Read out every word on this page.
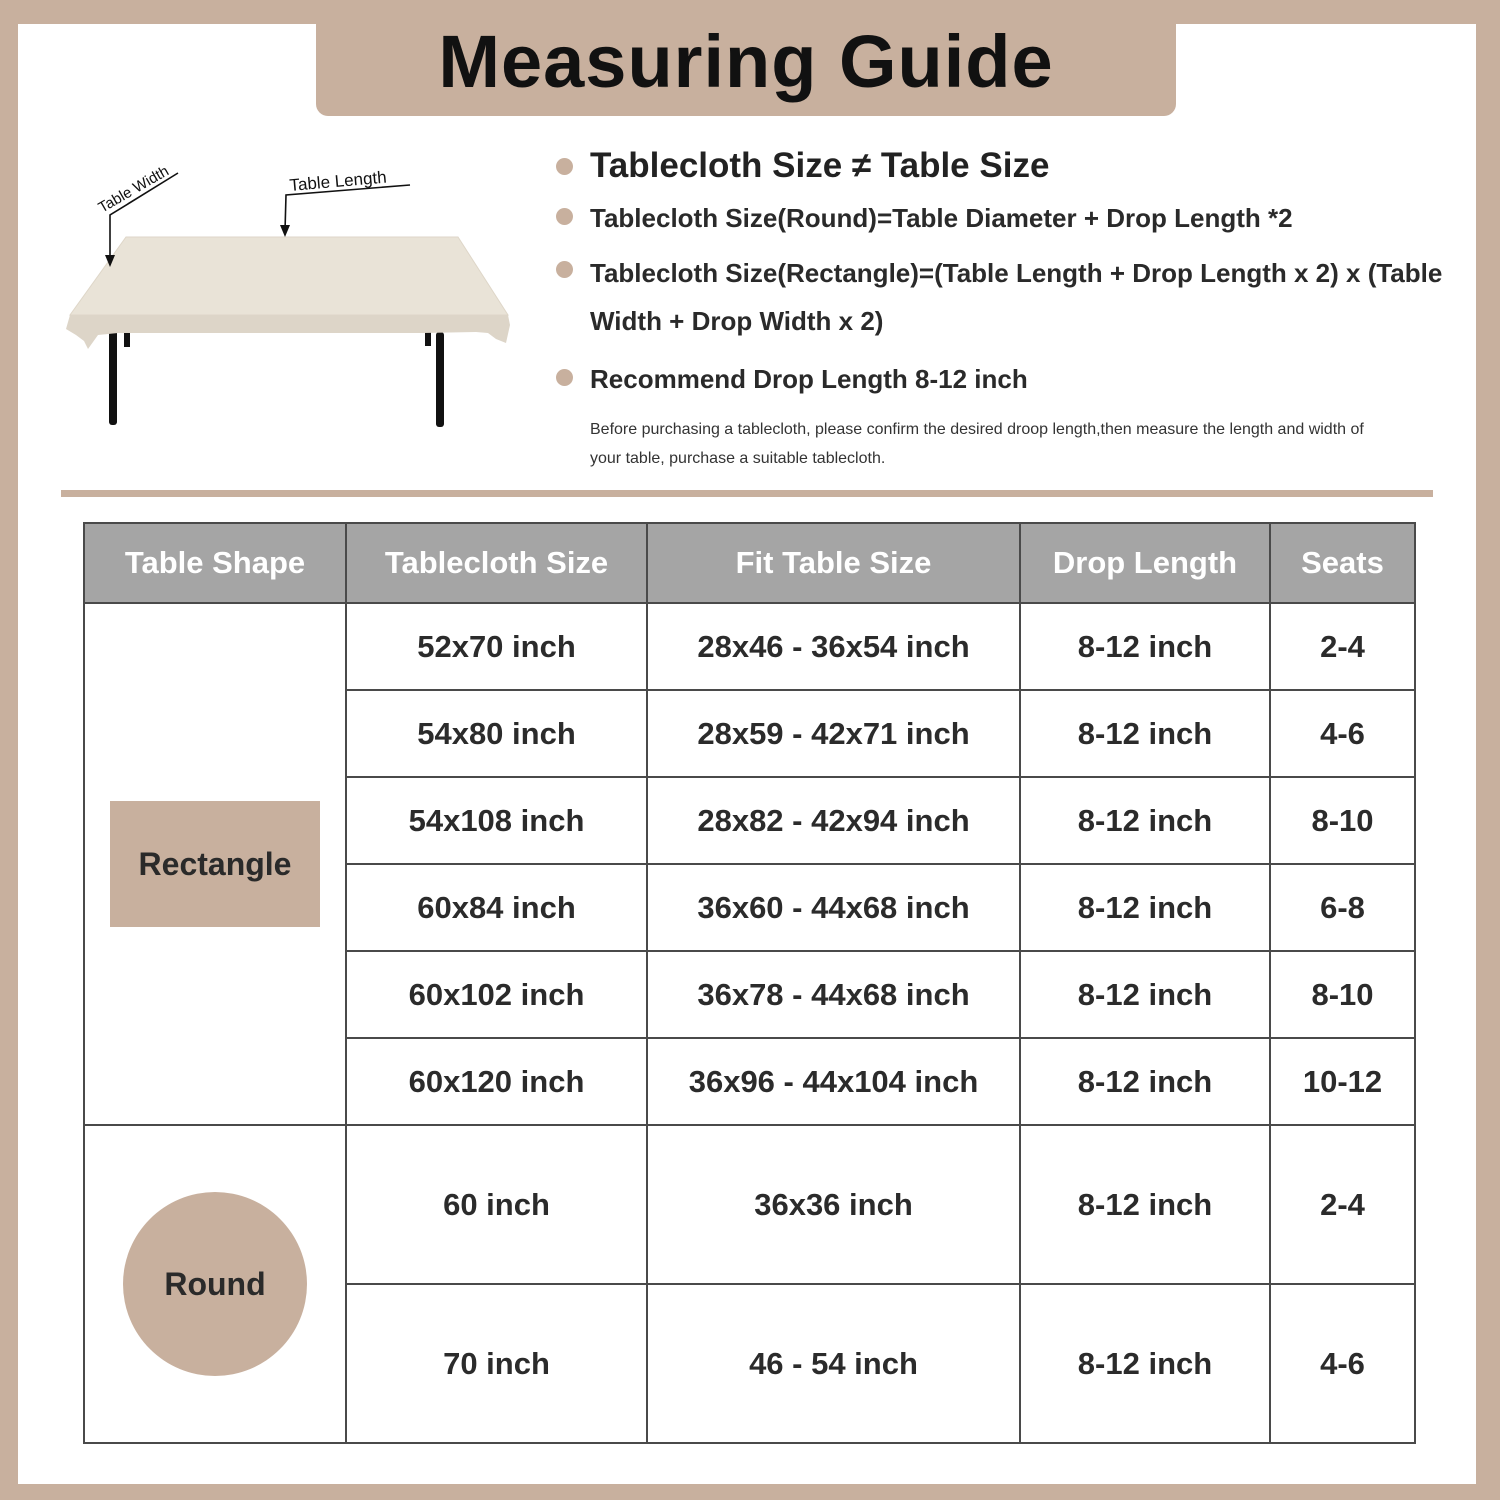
Measuring Guide
Table Width	Table Length	Tablecloth Size ≠ Table Size
Tablecloth Size(Round)=Table Diameter + Drop Length *2
Tablecloth Size(Rectangle)=(Table Length + Drop Length x 2) x (Table Width + Drop Width x 2)
Recommend Drop Length 8-12 inch
Before purchasing a tablecloth, please confirm the desired droop length,then measure the length and width of your table, purchase a suitable tablecloth.
Table Shape	Tablecloth Size	Fit Table Size	Drop Length	Seats
Rectangle	52x70 inch	28x46 - 36x54 inch	8-12 inch	2-4
	54x80 inch	28x59 - 42x71 inch	8-12 inch	4-6
	54x108 inch	28x82 - 42x94 inch	8-12 inch	8-10
	60x84 inch	36x60 - 44x68 inch	8-12 inch	6-8
	60x102 inch	36x78 - 44x68 inch	8-12 inch	8-10
	60x120 inch	36x96 - 44x104 inch	8-12 inch	10-12
Round	60 inch	36x36 inch	8-12 inch	2-4
	70 inch	46 - 54 inch	8-12 inch	4-6
